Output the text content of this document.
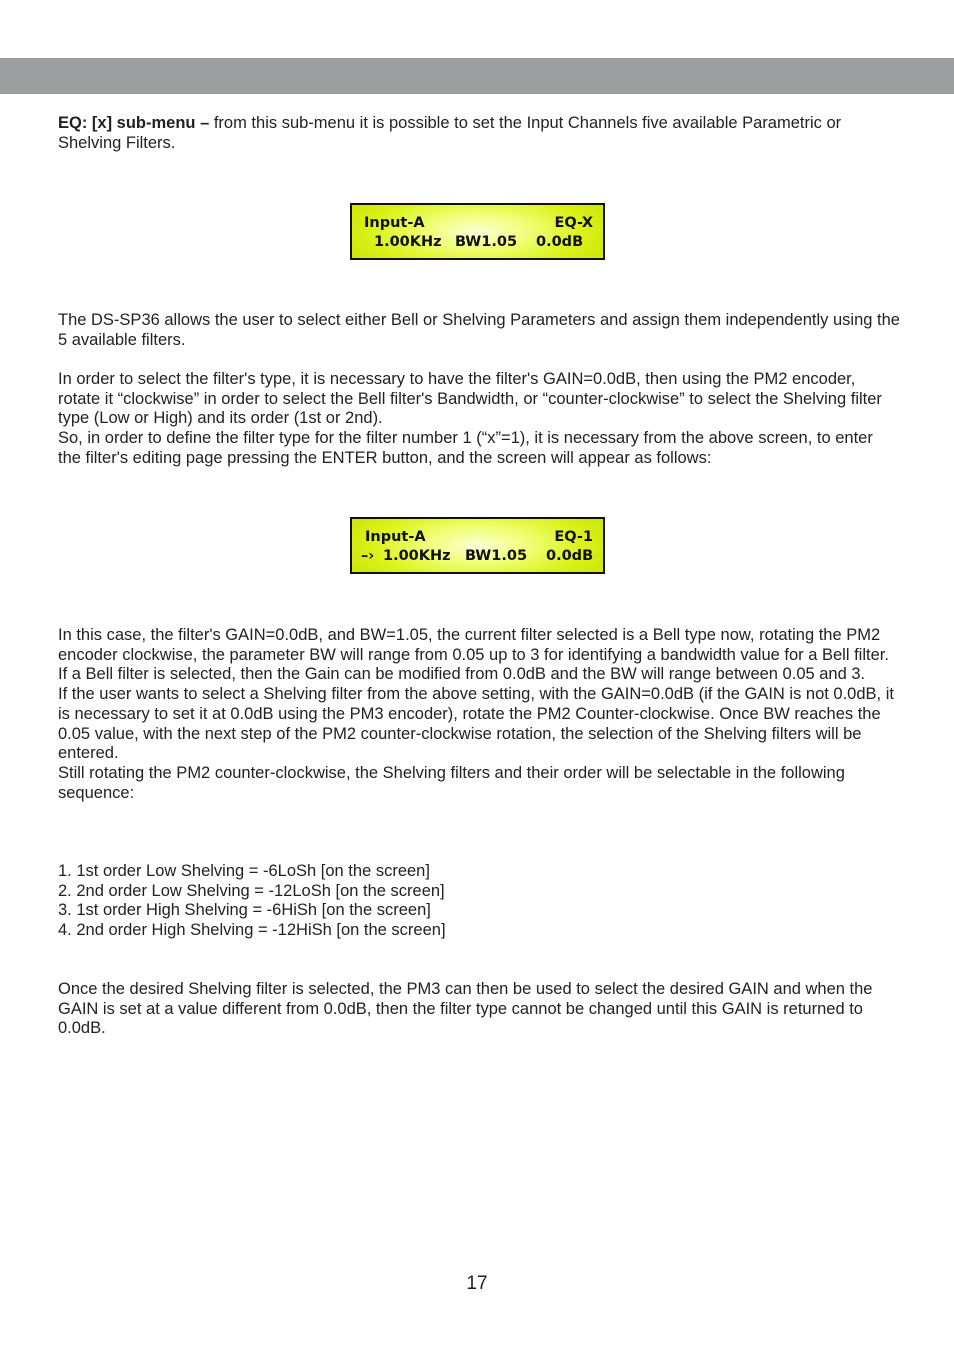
EQ: [x] sub-menu – from this sub-menu it is possible to set the Input Channels five available Parametric or Shelving Filters.

Input-A	EQ-X
1.00KHz BW1.05 0.0dB

The DS-SP36 allows the user to select either Bell or Shelving Parameters and assign them independently using the 5 available filters.

In order to select the filter's type, it is necessary to have the filter's GAIN=0.0dB, then using the PM2 encoder, rotate it “clockwise” in order to select the Bell filter's Bandwidth, or “counter-clockwise” to select the Shelving filter type (Low or High) and its order (1st or 2nd).

So, in order to define the filter type for the filter number 1 (“x”=1), it is necessary from the above screen, to enter the filter's editing page pressing the ENTER button, and the screen will appear as follows:

Input-A	EQ-1
–› 1.00KHz BW1.05 0.0dB

In this case, the filter's GAIN=0.0dB, and BW=1.05, the current filter selected is a Bell type now, rotating the PM2 encoder clockwise, the parameter BW will range from 0.05 up to 3 for identifying a bandwidth value for a Bell filter.

If a Bell filter is selected, then the Gain can be modified from 0.0dB and the BW will range between 0.05 and 3.

If the user wants to select a Shelving filter from the above setting, with the GAIN=0.0dB (if the GAIN is not 0.0dB, it is necessary to set it at 0.0dB using the PM3 encoder), rotate the PM2 Counter-clockwise. Once BW reaches the 0.05 value, with the next step of the PM2 counter-clockwise rotation, the selection of the Shelving filters will be entered.

Still rotating the PM2 counter-clockwise, the Shelving filters and their order will be selectable in the following sequence:

1. 1st order Low Shelving = -6LoSh [on the screen]

2. 2nd order Low Shelving = -12LoSh [on the screen]

3. 1st order High Shelving = -6HiSh [on the screen]

4. 2nd order High Shelving = -12HiSh [on the screen]

Once the desired Shelving filter is selected, the PM3 can then be used to select the desired GAIN and when the GAIN is set at a value different from 0.0dB, then the filter type cannot be changed until this GAIN is returned to 0.0dB.

17
